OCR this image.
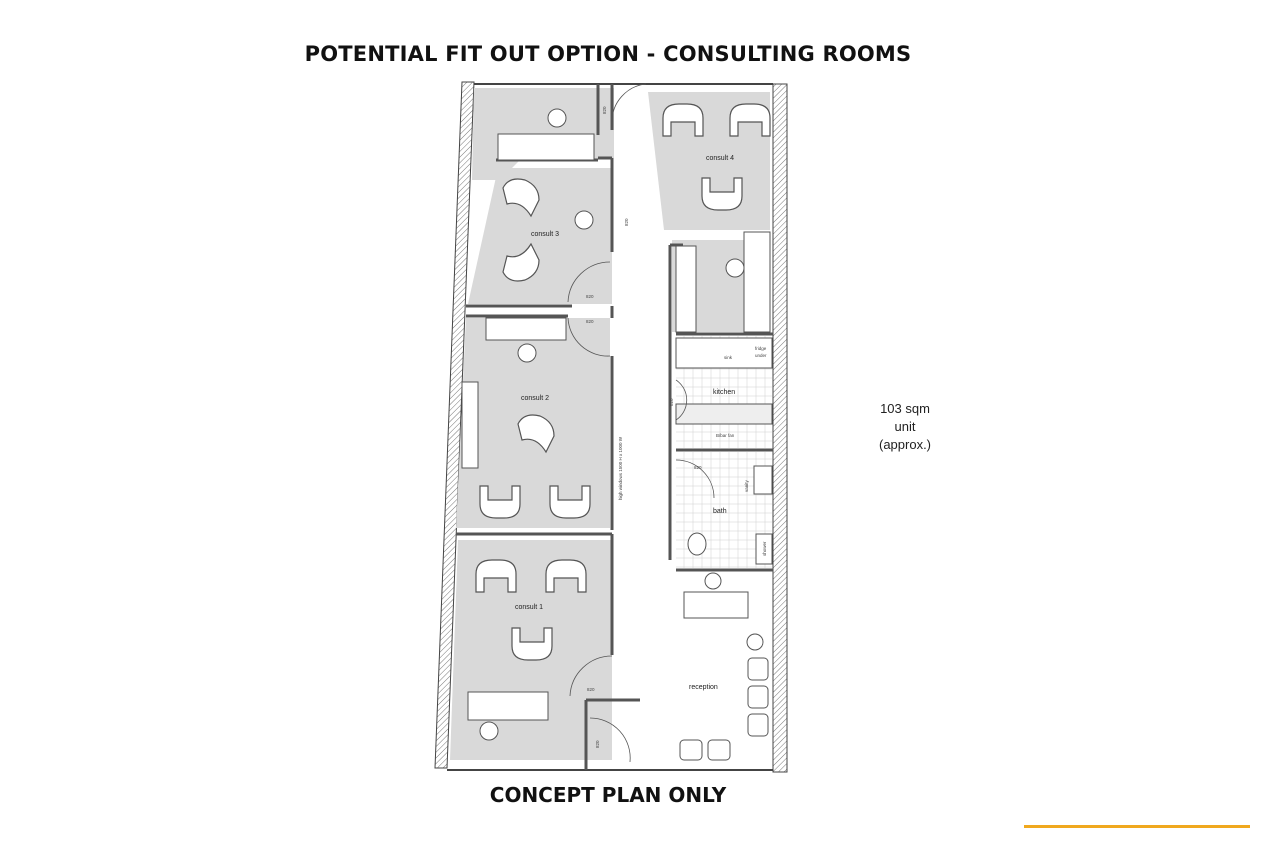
POTENTIAL FIT OUT OPTION - CONSULTING ROOMS
consult 4
consult 3
consult 2
consult 1
kitchen
bath
reception
sink
fridge
under
B/bar fan
vanity
shower
high windows 1500 H x 1000 W
820
820
820
820
820
820
820
820
103 sqm
unit
(approx.)
CONCEPT PLAN ONLY
